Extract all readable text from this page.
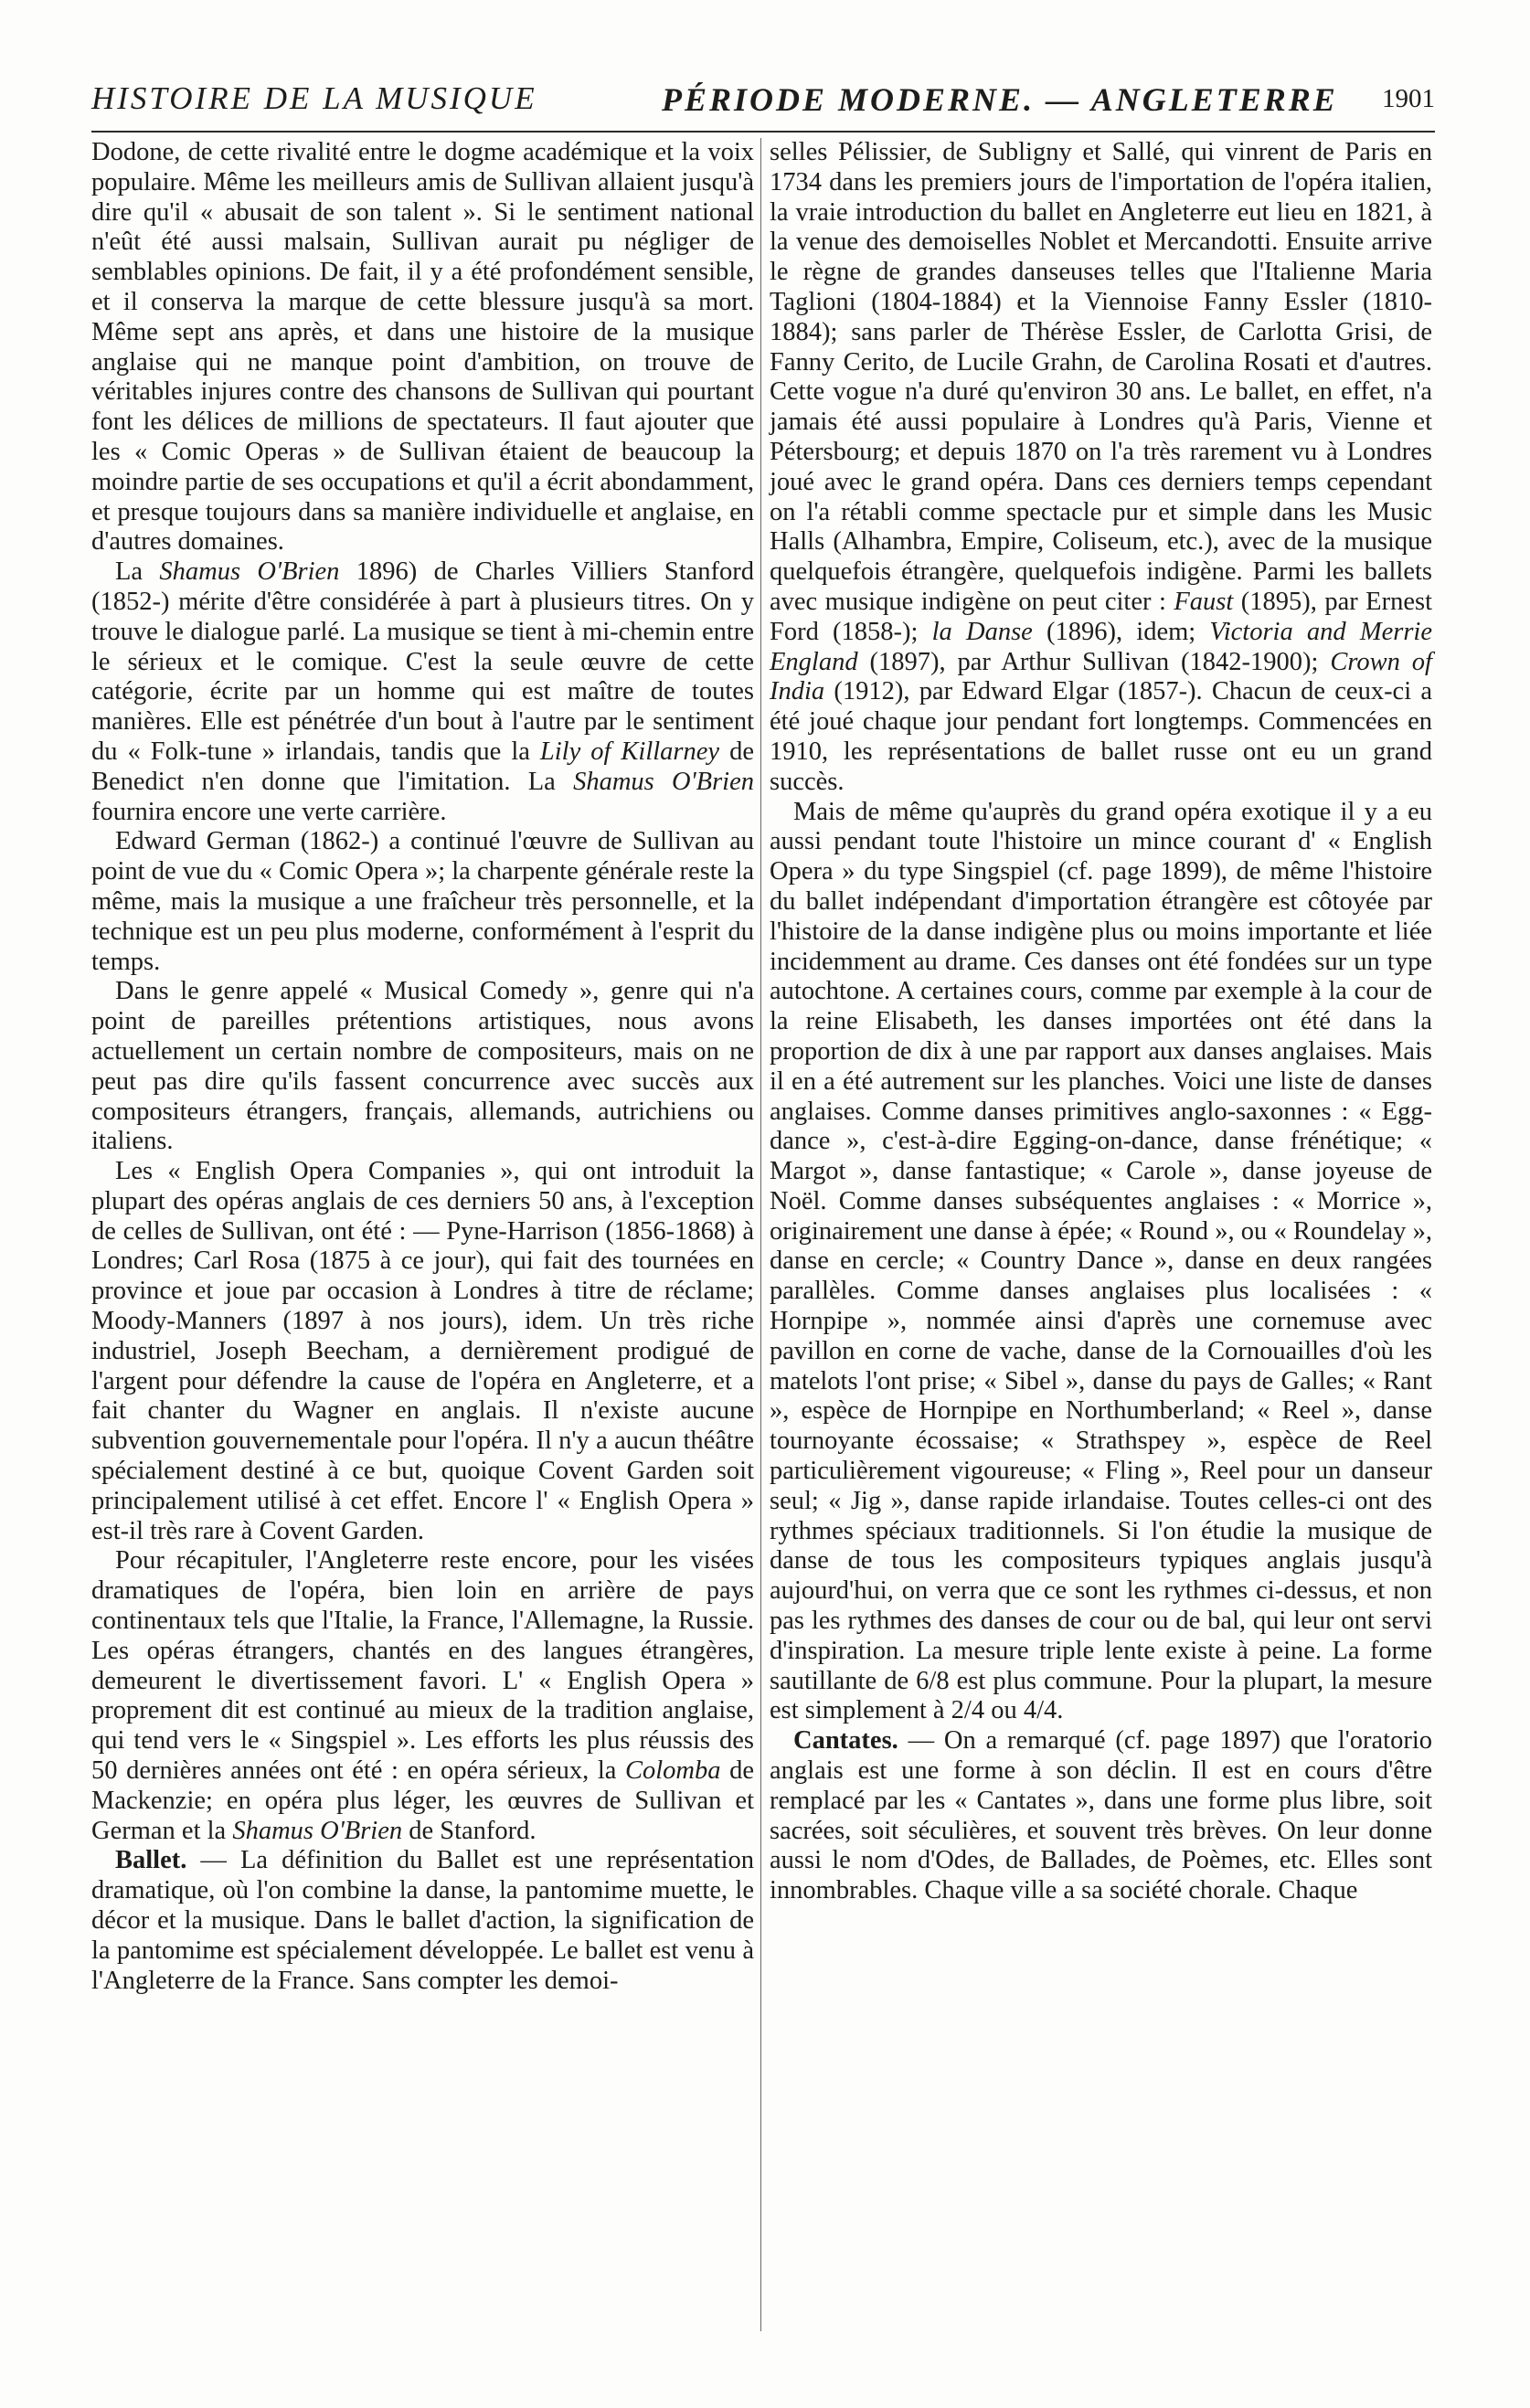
HISTOIRE DE LA MUSIQUE	PÉRIODE MODERNE. — ANGLETERRE 1901

Dodone, de cette rivalité entre le dogme académique et la voix populaire. Même les meilleurs amis de Sullivan allaient jusqu'à dire qu'il « abusait de son talent ». Si le sentiment national n'eût été aussi malsain, Sullivan aurait pu négliger de semblables opinions. De fait, il y a été profondément sensible, et il conserva la marque de cette blessure jusqu'à sa mort. Même sept ans après, et dans une histoire de la musique anglaise qui ne manque point d'ambition, on trouve de véritables injures contre des chansons de Sullivan qui pourtant font les délices de millions de spectateurs. Il faut ajouter que les « Comic Operas » de Sullivan étaient de beaucoup la moindre partie de ses occupations et qu'il a écrit abondamment, et presque toujours dans sa manière individuelle et anglaise, en d'autres domaines.

La Shamus O'Brien 1896) de Charles Villiers Stanford (1852-) mérite d'être considérée à part à plusieurs titres. On y trouve le dialogue parlé. La musique se tient à mi-chemin entre le sérieux et le comique. C'est la seule œuvre de cette catégorie, écrite par un homme qui est maître de toutes manières. Elle est pénétrée d'un bout à l'autre par le sentiment du « Folk-tune » irlandais, tandis que la Lily of Killarney de Benedict n'en donne que l'imitation. La Shamus O'Brien fournira encore une verte carrière.

Edward German (1862-) a continué l'œuvre de Sullivan au point de vue du « Comic Opera »; la charpente générale reste la même, mais la musique a une fraîcheur très personnelle, et la technique est un peu plus moderne, conformément à l'esprit du temps.

Dans le genre appelé « Musical Comedy », genre qui n'a point de pareilles prétentions artistiques, nous avons actuellement un certain nombre de compositeurs, mais on ne peut pas dire qu'ils fassent concurrence avec succès aux compositeurs étrangers, français, allemands, autrichiens ou italiens.

Les « English Opera Companies », qui ont introduit la plupart des opéras anglais de ces derniers 50 ans, à l'exception de celles de Sullivan, ont été : — Pyne-Harrison (1856-1868) à Londres; Carl Rosa (1875 à ce jour), qui fait des tournées en province et joue par occasion à Londres à titre de réclame; Moody-Manners (1897 à nos jours), idem. Un très riche industriel, Joseph Beecham, a dernièrement prodigué de l'argent pour défendre la cause de l'opéra en Angleterre, et a fait chanter du Wagner en anglais. Il n'existe aucune subvention gouvernementale pour l'opéra. Il n'y a aucun théâtre spécialement destiné à ce but, quoique Covent Garden soit principalement utilisé à cet effet. Encore l' « English Opera » est-il très rare à Covent Garden.

Pour récapituler, l'Angleterre reste encore, pour les visées dramatiques de l'opéra, bien loin en arrière de pays continentaux tels que l'Italie, la France, l'Allemagne, la Russie. Les opéras étrangers, chantés en des langues étrangères, demeurent le divertissement favori. L' « English Opera » proprement dit est continué au mieux de la tradition anglaise, qui tend vers le « Singspiel ». Les efforts les plus réussis des 50 dernières années ont été : en opéra sérieux, la Colomba de Mackenzie; en opéra plus léger, les œuvres de Sullivan et German et la Shamus O'Brien de Stanford.

Ballet. — La définition du Ballet est une représentation dramatique, où l'on combine la danse, la pantomime muette, le décor et la musique. Dans le ballet d'action, la signification de la pantomime est spécialement développée. Le ballet est venu à l'Angleterre de la France. Sans compter les demoi-

selles Pélissier, de Subligny et Sallé, qui vinrent de Paris en 1734 dans les premiers jours de l'importation de l'opéra italien, la vraie introduction du ballet en Angleterre eut lieu en 1821, à la venue des demoiselles Noblet et Mercandotti. Ensuite arrive le règne de grandes danseuses telles que l'Italienne Maria Taglioni (1804-1884) et la Viennoise Fanny Essler (1810-1884); sans parler de Thérèse Essler, de Carlotta Grisi, de Fanny Cerito, de Lucile Grahn, de Carolina Rosati et d'autres. Cette vogue n'a duré qu'environ 30 ans. Le ballet, en effet, n'a jamais été aussi populaire à Londres qu'à Paris, Vienne et Pétersbourg; et depuis 1870 on l'a très rarement vu à Londres joué avec le grand opéra. Dans ces derniers temps cependant on l'a rétabli comme spectacle pur et simple dans les Music Halls (Alhambra, Empire, Coliseum, etc.), avec de la musique quelquefois étrangère, quelquefois indigène. Parmi les ballets avec musique indigène on peut citer : Faust (1895), par Ernest Ford (1858-); la Danse (1896), idem; Victoria and Merrie England (1897), par Arthur Sullivan (1842-1900); Crown of India (1912), par Edward Elgar (1857-). Chacun de ceux-ci a été joué chaque jour pendant fort longtemps. Commencées en 1910, les représentations de ballet russe ont eu un grand succès.

Mais de même qu'auprès du grand opéra exotique il y a eu aussi pendant toute l'histoire un mince courant d' « English Opera » du type Singspiel (cf. page 1899), de même l'histoire du ballet indépendant d'importation étrangère est côtoyée par l'histoire de la danse indigène plus ou moins importante et liée incidemment au drame. Ces danses ont été fondées sur un type autochtone. A certaines cours, comme par exemple à la cour de la reine Elisabeth, les danses importées ont été dans la proportion de dix à une par rapport aux danses anglaises. Mais il en a été autrement sur les planches. Voici une liste de danses anglaises. Comme danses primitives anglo-saxonnes : « Egg-dance », c'est-à-dire Egging-on-dance, danse frénétique; « Margot », danse fantastique; « Carole », danse joyeuse de Noël. Comme danses subséquentes anglaises : « Morrice », originairement une danse à épée; « Round », ou « Roundelay », danse en cercle; « Country Dance », danse en deux rangées parallèles. Comme danses anglaises plus localisées : « Hornpipe », nommée ainsi d'après une cornemuse avec pavillon en corne de vache, danse de la Cornouailles d'où les matelots l'ont prise; « Sibel », danse du pays de Galles; « Rant », espèce de Hornpipe en Northumberland; « Reel », danse tournoyante écossaise; « Strathspey », espèce de Reel particulièrement vigoureuse; « Fling », Reel pour un danseur seul; « Jig », danse rapide irlandaise. Toutes celles-ci ont des rythmes spéciaux traditionnels. Si l'on étudie la musique de danse de tous les compositeurs typiques anglais jusqu'à aujourd'hui, on verra que ce sont les rythmes ci-dessus, et non pas les rythmes des danses de cour ou de bal, qui leur ont servi d'inspiration. La mesure triple lente existe à peine. La forme sautillante de 6/8 est plus commune. Pour la plupart, la mesure est simplement à 2/4 ou 4/4.

Cantates. — On a remarqué (cf. page 1897) que l'oratorio anglais est une forme à son déclin. Il est en cours d'être remplacé par les « Cantates », dans une forme plus libre, soit sacrées, soit séculières, et souvent très brèves. On leur donne aussi le nom d'Odes, de Ballades, de Poèmes, etc. Elles sont innombrables. Chaque ville a sa société chorale. Chaque
